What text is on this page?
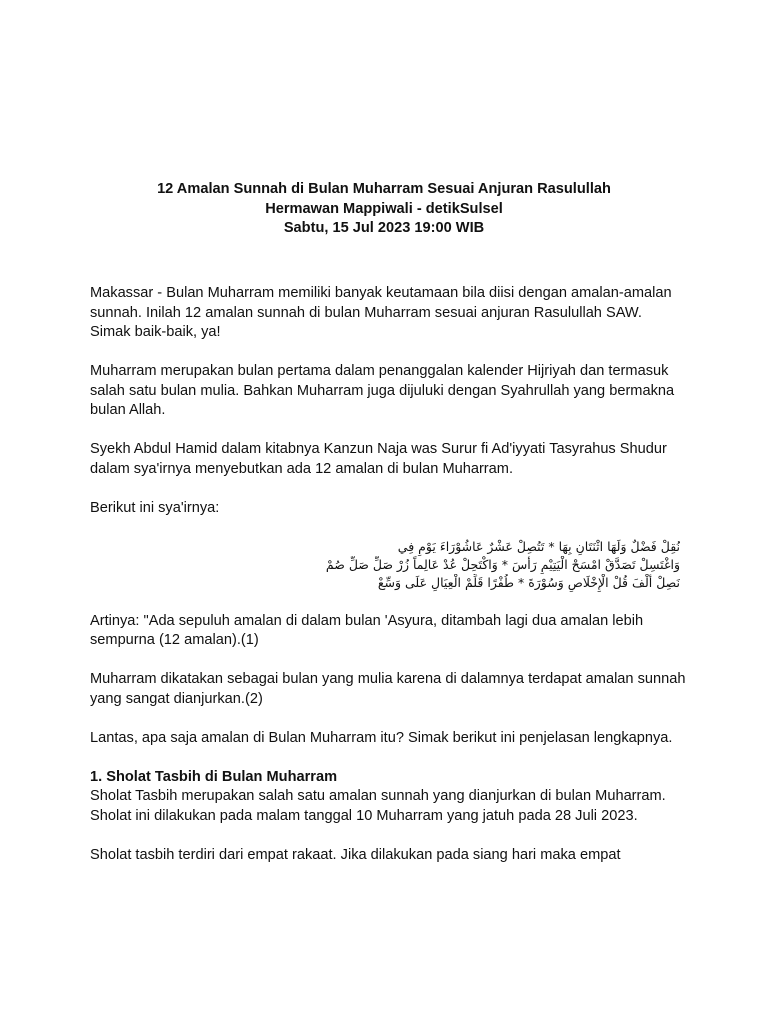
12 Amalan Sunnah di Bulan Muharram Sesuai Anjuran Rasulullah
Hermawan Mappiwali - detikSulsel
Sabtu, 15 Jul 2023 19:00 WIB

Makassar - Bulan Muharram memiliki banyak keutamaan bila diisi dengan amalan-amalan sunnah. Inilah 12 amalan sunnah di bulan Muharram sesuai anjuran Rasulullah SAW.
Simak baik-baik, ya!

Muharram merupakan bulan pertama dalam penanggalan kalender Hijriyah dan termasuk salah satu bulan mulia. Bahkan Muharram juga dijuluki dengan Syahrullah yang bermakna bulan Allah.

Syekh Abdul Hamid dalam kitabnya Kanzun Naja was Surur fi Ad'iyyati Tasyrahus Shudur dalam sya'irnya menyebutkan ada 12 amalan di bulan Muharram.

Berikut ini sya'irnya:

نُقِلْ فَضْلٌ وَلَهَا اثْنَتَانِ بِهَا * تَتُصِلْ عَشْرٌ عَاشُوْرَاءَ يَوْمِ فِي
وَاغْتَسِلْ تَصَدَّقْ امْسَحْ الْيَتِيْمِ رَأْسَ * وَاكْتَحِلْ عُدْ عَالِماً زُرْ صَلِّ صَلِّ صُمْ
نَصِلْ أَلْفَ قُلْ الْإِخْلَاصِ وَسُوْرَةَ * طُفْرًا قَلِّمْ الْعِيَالِ عَلَى وَسِّعْ

Artinya: "Ada sepuluh amalan di dalam bulan 'Asyura, ditambah lagi dua amalan lebih sempurna (12 amalan).(1)

Muharram dikatakan sebagai bulan yang mulia karena di dalamnya terdapat amalan sunnah yang sangat dianjurkan.(2)

Lantas, apa saja amalan di Bulan Muharram itu? Simak berikut ini penjelasan lengkapnya.

1. Sholat Tasbih di Bulan Muharram

Sholat Tasbih merupakan salah satu amalan sunnah yang dianjurkan di bulan Muharram. Sholat ini dilakukan pada malam tanggal 10 Muharram yang jatuh pada 28 Juli 2023.

Sholat tasbih terdiri dari empat rakaat. Jika dilakukan pada siang hari maka empat
